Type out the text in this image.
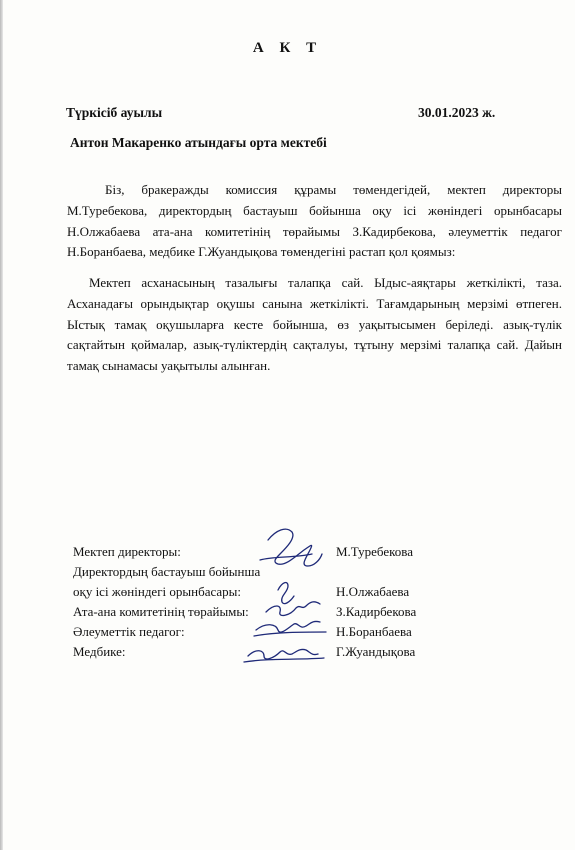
А К Т
Түркісіб ауылы	30.01.2023 ж.
Антон Макаренко атындағы орта мектебі

Біз, бракеражды комиссия құрамы төмендегідей, мектеп директоры М.Туребекова, директордың бастауыш бойынша оқу ісі жөніндегі орынбасары Н.Олжабаева ата-ана комитетінің төрайымы З.Кадирбекова, әлеуметтік педагог Н.Боранбаева, медбике Г.Жуандықова төмендегіні растап қол қоямыз:

Мектеп асханасының тазалығы талапқа сай. Ыдыс-аяқтары жеткілікті, таза. Асханадағы орындықтар оқушы санына жеткілікті. Тағамдарының мерзімі өтпеген. Ыстық тамақ оқушыларға кесте бойынша, өз уақытысымен беріледі. азық-түлік сақтайтын қоймалар, азық-түліктердің сақталуы, тұтыну мерзімі талапқа сай. Дайын тамақ сынамасы уақытылы алынған.

Мектеп директоры:	М.Туребекова
Директордың бастауыш бойынша
оқу ісі жөніндегі орынбасары:	Н.Олжабаева
Ата-ана комитетінің төрайымы:	З.Кадирбекова
Әлеуметтік педагог:	Н.Боранбаева
Медбике:	Г.Жуандықова
